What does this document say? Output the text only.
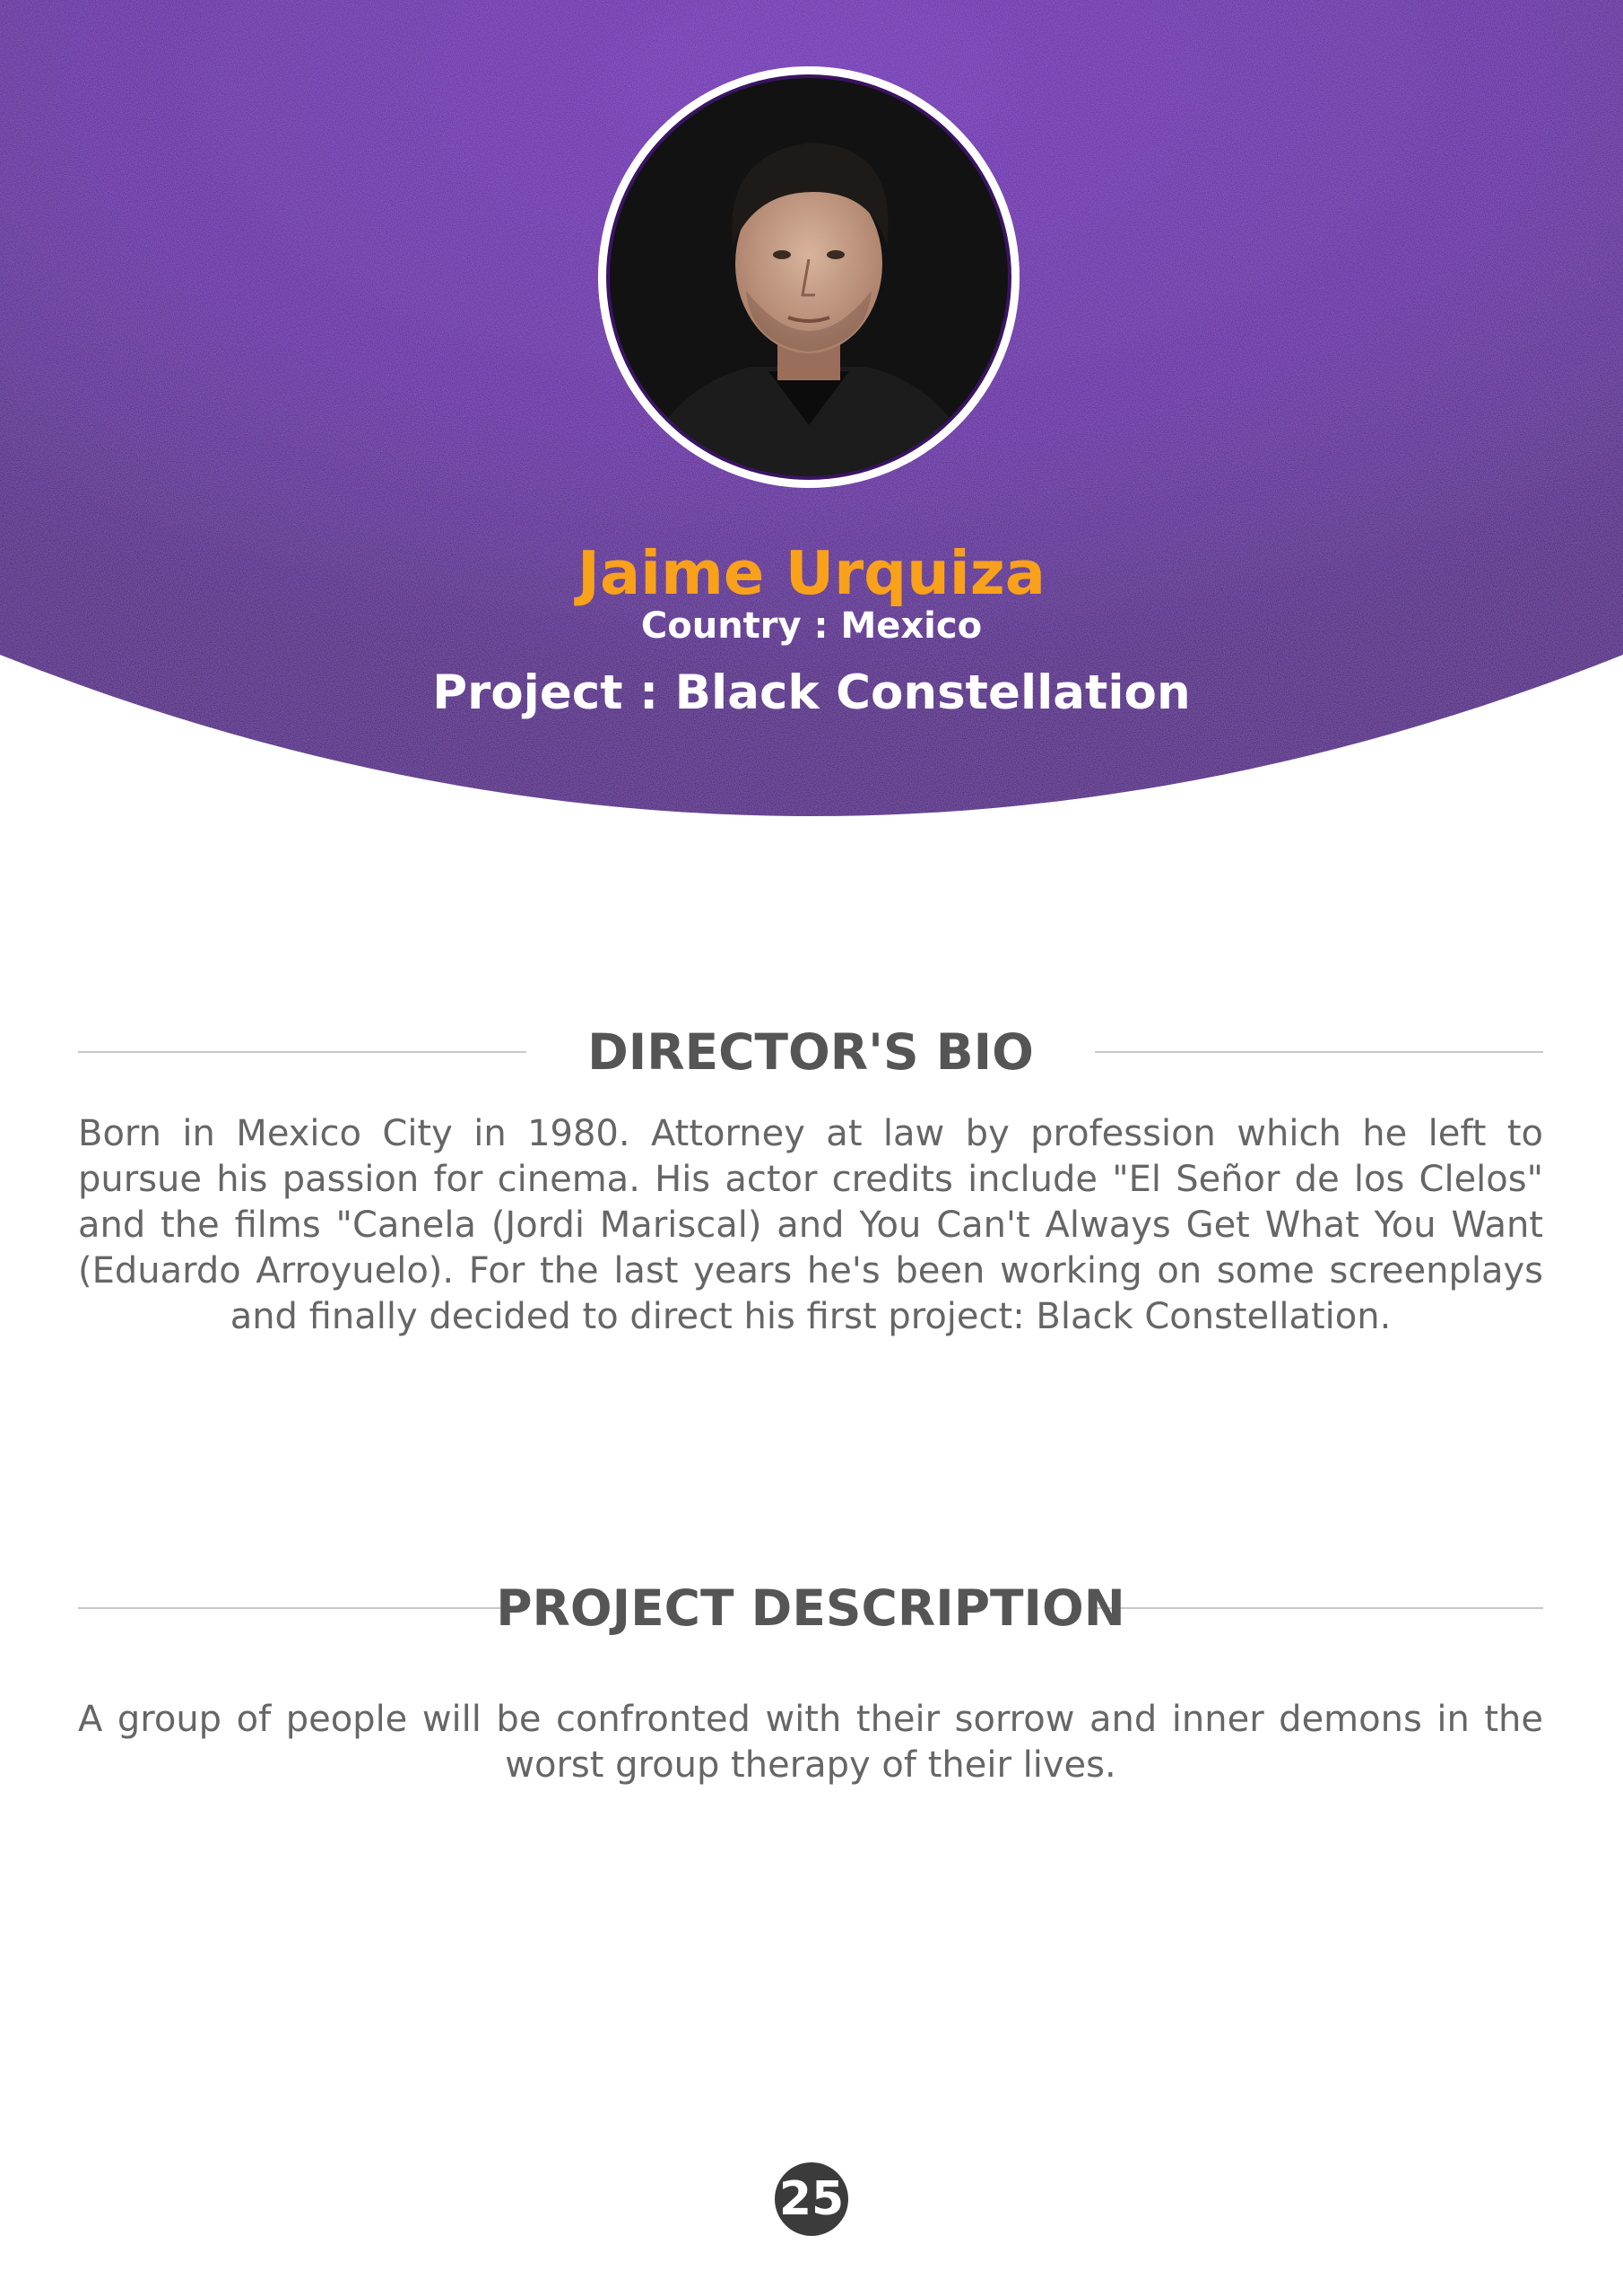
Jaime Urquiza
Country : Mexico
Project : Black Constellation
DIRECTOR'S BIO
Born in Mexico City in 1980. Attorney at law by profession which he left to pursue his passion for cinema. His actor credits include "El Señor de los Clelos" and the films "Canela (Jordi Mariscal) and You Can't Always Get What You Want (Eduardo Arroyuelo). For the last years he's been working on some screenplays and finally decided to direct his first project: Black Constellation.
PROJECT DESCRIPTION
A group of people will be confronted with their sorrow and inner demons in the worst group therapy of their lives.
25
